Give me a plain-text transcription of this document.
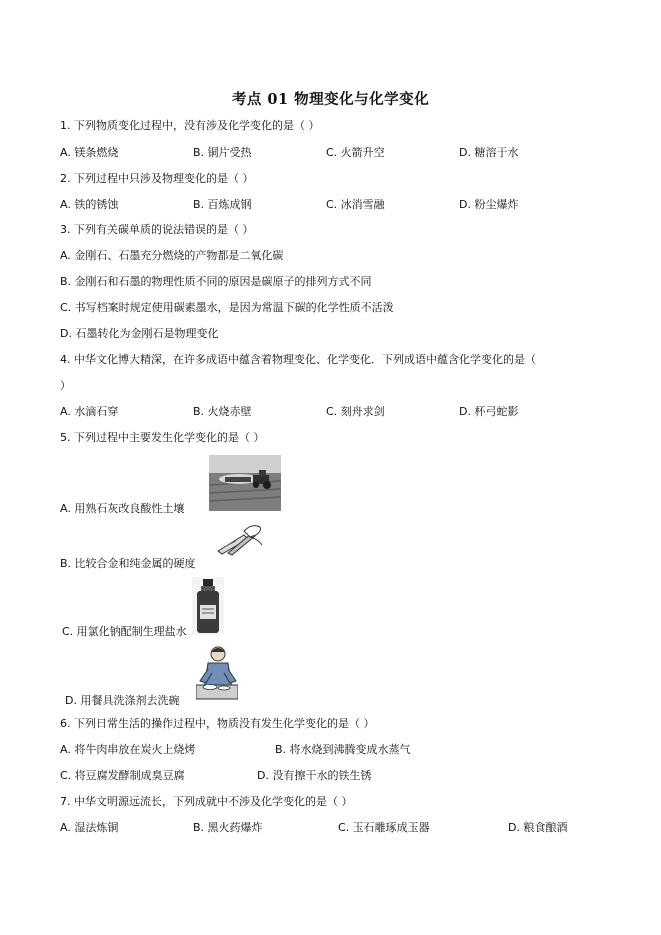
考点 01 物理变化与化学变化
1. 下列物质变化过程中，没有涉及化学变化的是（ ）
A. 镁条燃烧	B. 铜片受热	C. 火箭升空	D. 糖溶于水
2. 下列过程中只涉及物理变化的是（ ）
A. 铁的锈蚀	B. 百炼成钢	C. 冰消雪融	D. 粉尘爆炸
3. 下列有关碳单质的说法错误的是（ ）
A. 金刚石、石墨充分燃烧的产物都是二氧化碳
B. 金刚石和石墨的物理性质不同的原因是碳原子的排列方式不同
C. 书写档案时规定使用碳素墨水，是因为常温下碳的化学性质不活泼
D. 石墨转化为金刚石是物理变化
4. 中华文化博大精深，在许多成语中蕴含着物理变化、化学变化．下列成语中蕴含化学变化的是（
）
A. 水滴石穿	B. 火烧赤壁	C. 刻舟求剑	D. 杯弓蛇影
5. 下列过程中主要发生化学变化的是（ ）
A. 用熟石灰改良酸性土壤
B. 比较合金和纯金属的硬度
C. 用氯化钠配制生理盐水
D. 用餐具洗涤剂去洗碗
6. 下列日常生活的操作过程中，物质没有发生化学变化的是（ ）
A. 将牛肉串放在炭火上烧烤	B. 将水烧到沸腾变成水蒸气
C. 将豆腐发酵制成臭豆腐	D. 没有擦干水的铁生锈
7. 中华文明源远流长，下列成就中不涉及化学变化的是（ ）
A. 湿法炼铜	B. 黑火药爆炸	C. 玉石雕琢成玉器	D. 粮食酿酒
